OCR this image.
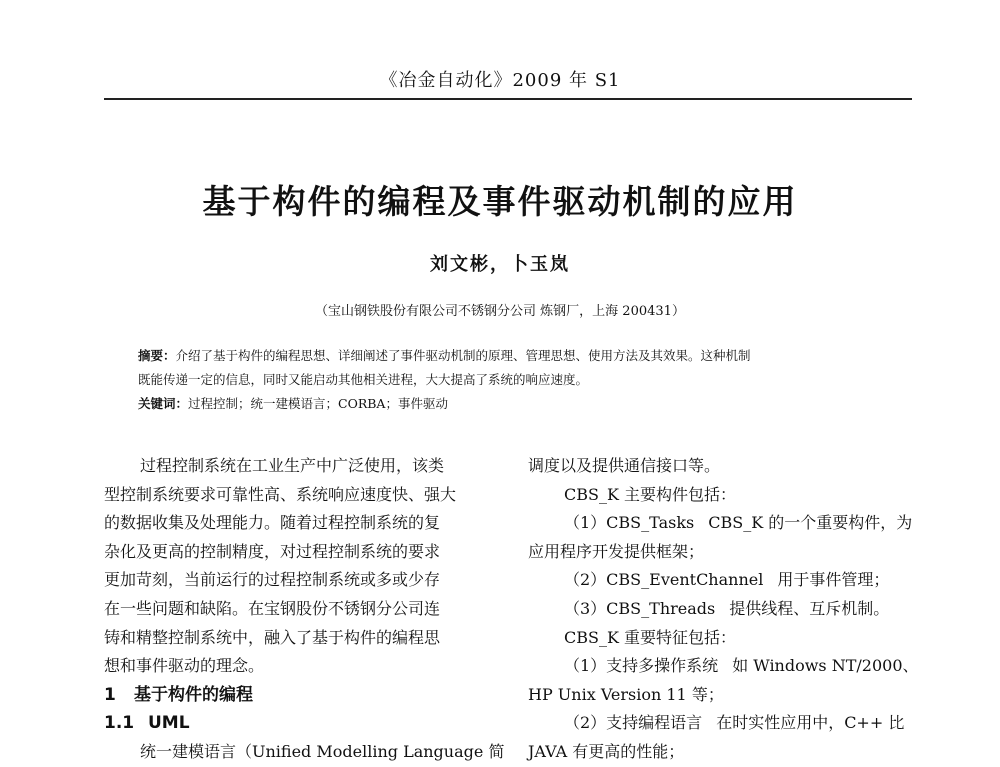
《冶金自动化》2009 年 S1
基于构件的编程及事件驱动机制的应用
刘文彬，卜玉岚
（宝山钢铁股份有限公司不锈钢分公司 炼钢厂，上海 200431）
摘要：介绍了基于构件的编程思想、详细阐述了事件驱动机制的原理、管理思想、使用方法及其效果。这种机制
既能传递一定的信息，同时又能启动其他相关进程，大大提高了系统的响应速度。
关键词：过程控制；统一建模语言；CORBA；事件驱动
过程控制系统在工业生产中广泛使用，该类
型控制系统要求可靠性高、系统响应速度快、强大
的数据收集及处理能力。随着过程控制系统的复
杂化及更高的控制精度，对过程控制系统的要求
更加苛刻，当前运行的过程控制系统或多或少存
在一些问题和缺陷。在宝钢股份不锈钢分公司连
铸和精整控制系统中，融入了基于构件的编程思
想和事件驱动的理念。
1 基于构件的编程
1.1 UML
统一建模语言（Unified Modelling Language 简
调度以及提供通信接口等。
CBS_K 主要构件包括：
（1）CBS_Tasks CBS_K 的一个重要构件，为
应用程序开发提供框架；
（2）CBS_EventChannel 用于事件管理；
（3）CBS_Threads 提供线程、互斥机制。
CBS_K 重要特征包括：
（1）支持多操作系统 如 Windows NT/2000、
HP Unix Version 11 等；
（2）支持编程语言 在时实性应用中，C++ 比
JAVA 有更高的性能；
